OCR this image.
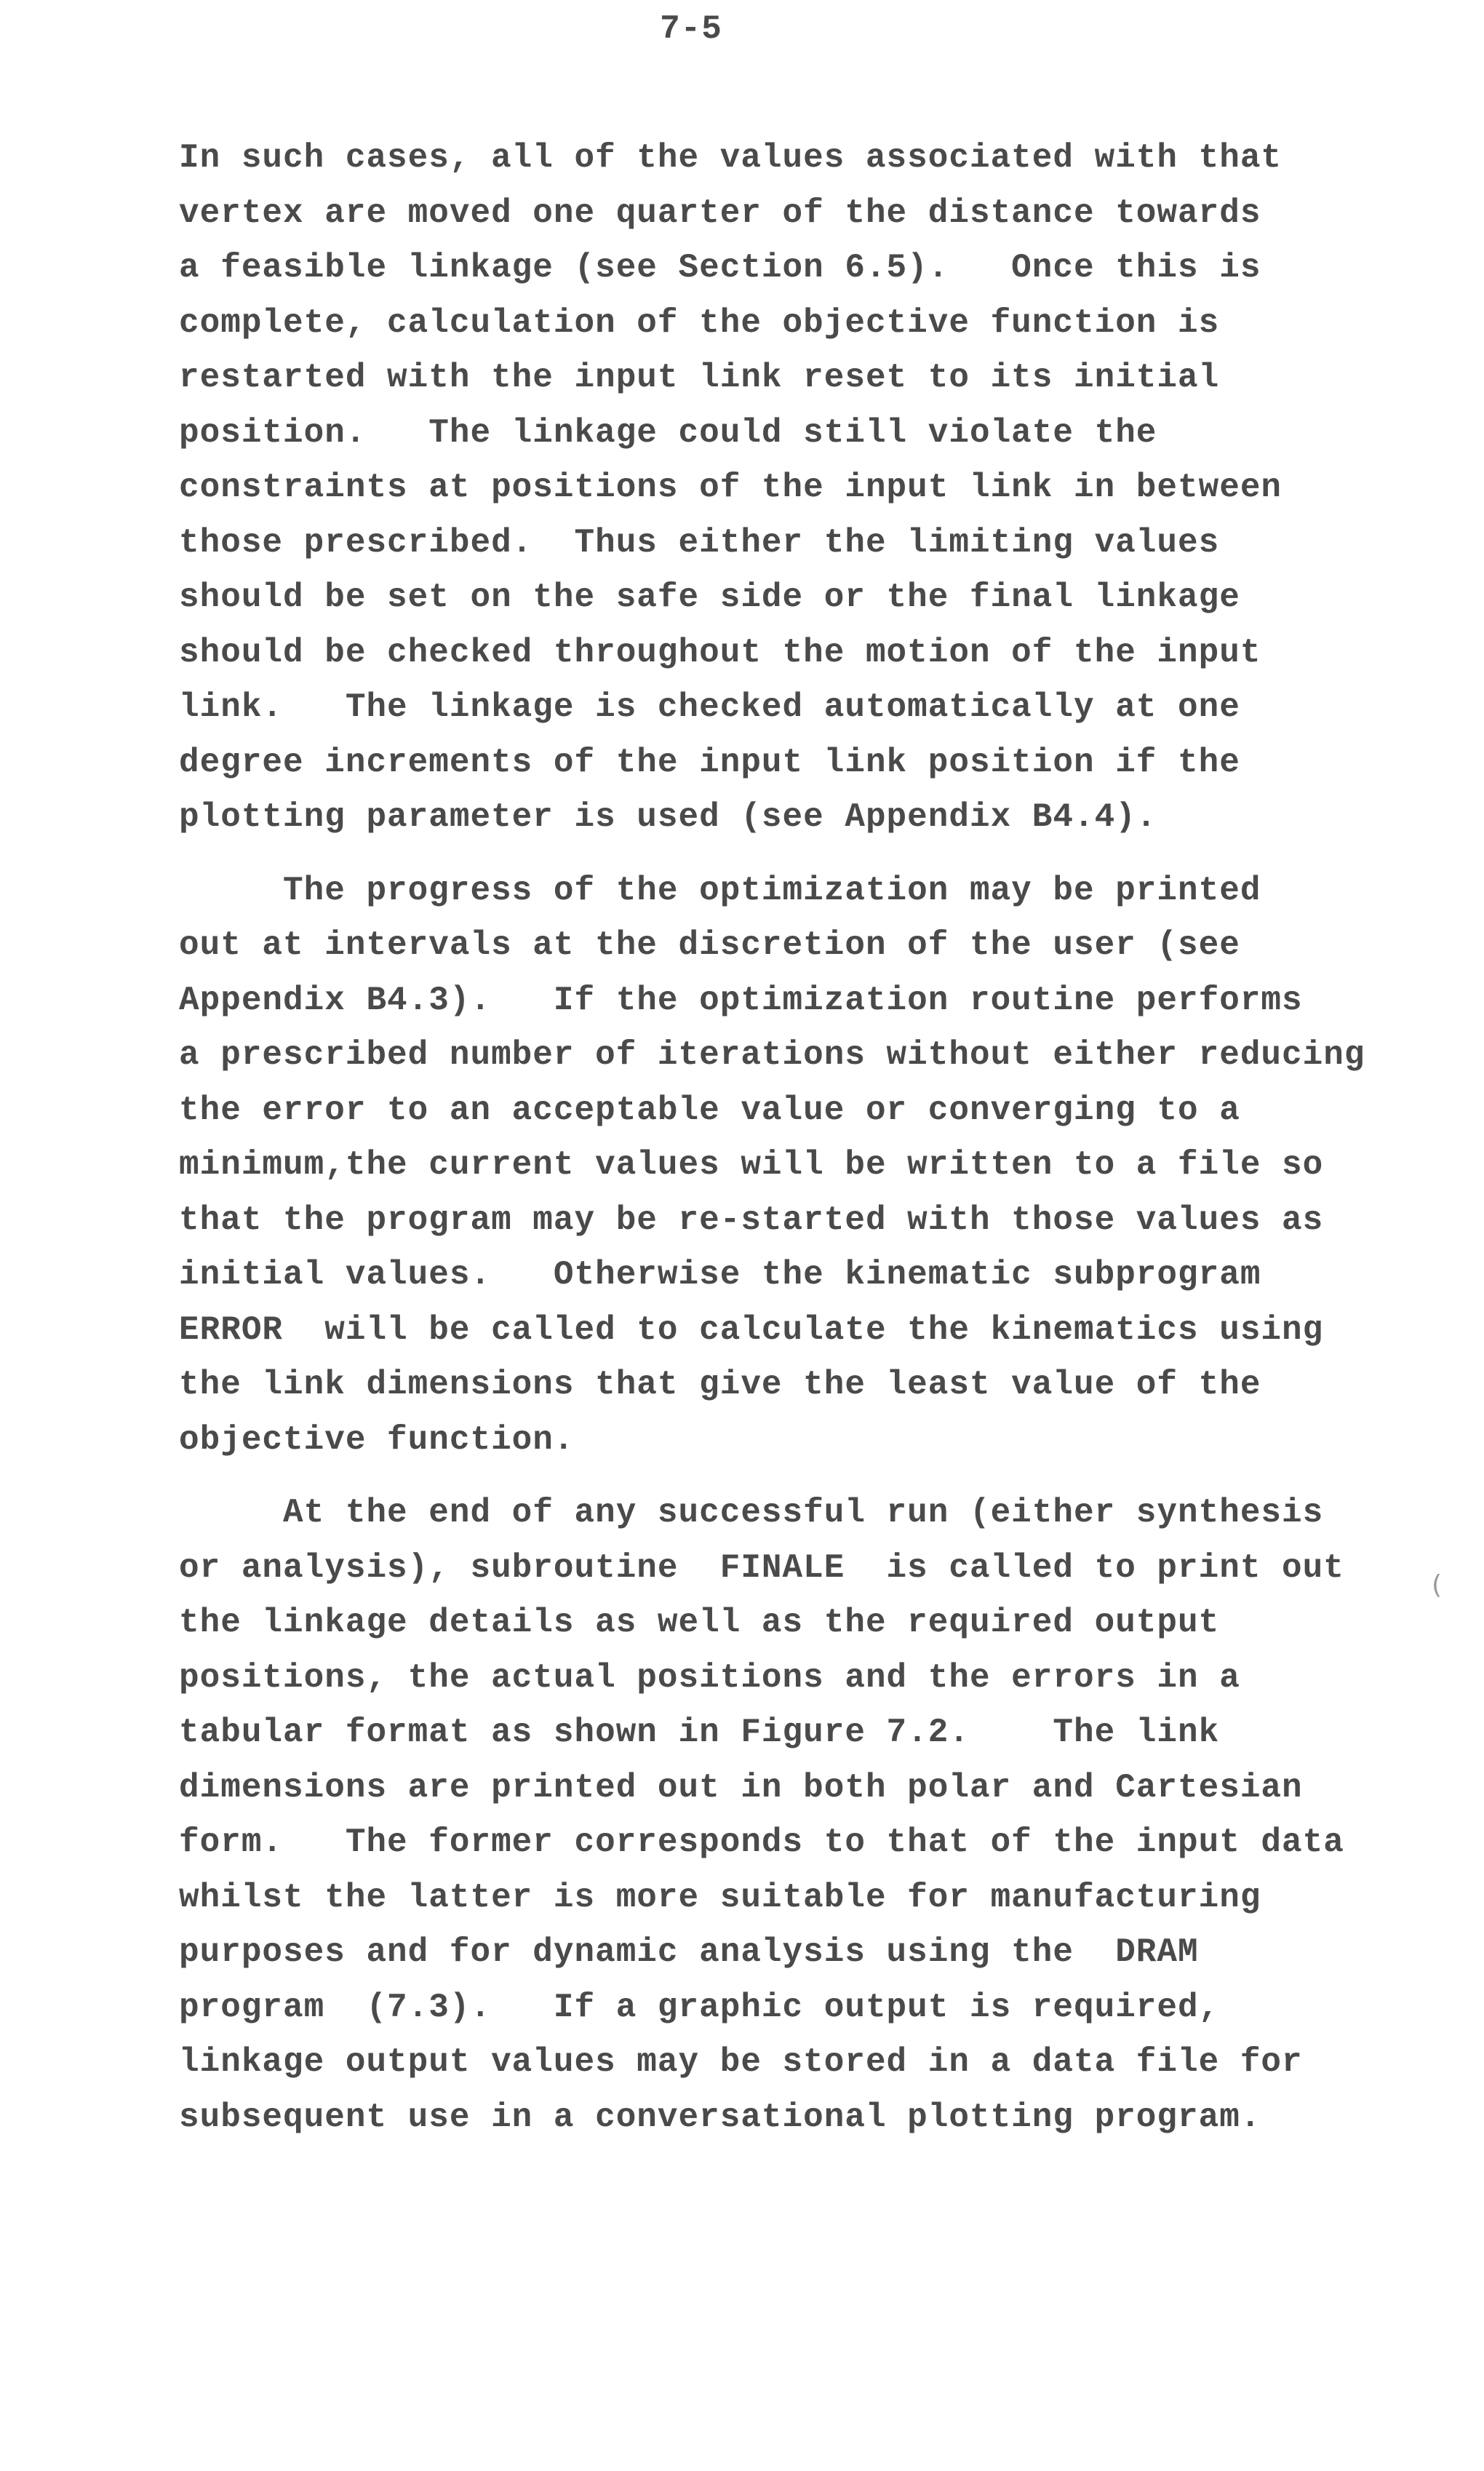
7-5
In such cases, all of the values associated with that
vertex are moved one quarter of the distance towards
a feasible linkage (see Section 6.5).   Once this is
complete, calculation of the objective function is
restarted with the input link reset to its initial
position.   The linkage could still violate the
constraints at positions of the input link in between
those prescribed.  Thus either the limiting values
should be set on the safe side or the final linkage
should be checked throughout the motion of the input
link.   The linkage is checked automatically at one
degree increments of the input link position if the
plotting parameter is used (see Appendix B4.4).
The progress of the optimization may be printed
out at intervals at the discretion of the user (see
Appendix B4.3).   If the optimization routine performs
a prescribed number of iterations without either reducing
the error to an acceptable value or converging to a
minimum,the current values will be written to a file so
that the program may be re-started with those values as
initial values.   Otherwise the kinematic subprogram
ERROR  will be called to calculate the kinematics using
the link dimensions that give the least value of the
objective function.
At the end of any successful run (either synthesis
or analysis), subroutine  FINALE  is called to print out
the linkage details as well as the required output
positions, the actual positions and the errors in a
tabular format as shown in Figure 7.2.    The link
dimensions are printed out in both polar and Cartesian
form.   The former corresponds to that of the input data
whilst the latter is more suitable for manufacturing
purposes and for dynamic analysis using the  DRAM
program  (7.3).   If a graphic output is required,
linkage output values may be stored in a data file for
subsequent use in a conversational plotting program.
(
